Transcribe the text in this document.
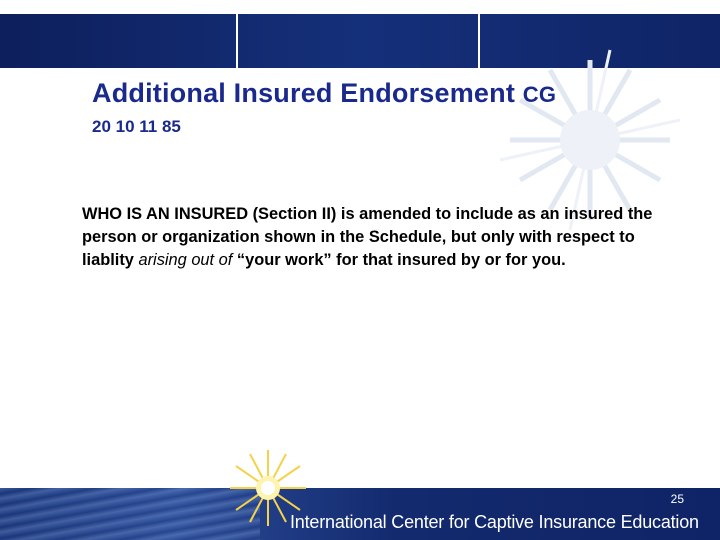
Additional Insured Endorsement CG

20 10 11 85

WHO IS AN INSURED (Section II) is amended to include as an insured the person or organization shown in the Schedule, but only with respect to liablity arising out of “your work” for that insured by or for you.

25
International Center for Captive Insurance Education
